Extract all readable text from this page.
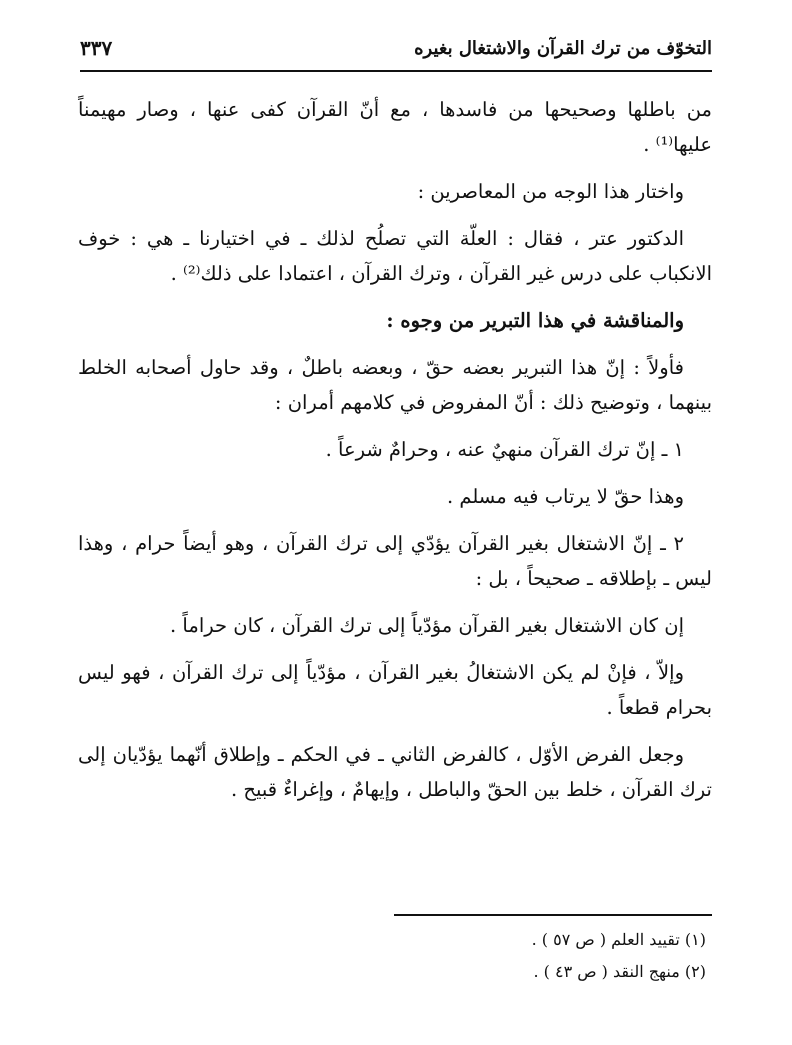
التخوّف من ترك القرآن والاشتغال بغيره
٣٣٧

من باطلها وصحيحها من فاسدها ، مع أنّ القرآن كفى عنها ، وصار مهيمناً عليها⁽¹⁾ .

واختار هذا الوجه من المعاصرين :

الدكتور عتر ، فقال : العلّة التي تصلُح لذلك ـ في اختيارنا ـ هي : خوف الانكباب على درس غير القرآن ، وترك القرآن ، اعتمادا على ذلك⁽²⁾ .

والمناقشة في هذا التبرير من وجوه :

فأولاً : إنّ هذا التبرير بعضه حقّ ، وبعضه باطلٌ ، وقد حاول أصحابه الخلط بينهما ، وتوضيح ذلك : أنّ المفروض في كلامهم أمران :

١ ـ إنّ ترك القرآن منهيٌ عنه ، وحرامٌ شرعاً .

وهذا حقّ لا يرتاب فيه مسلم .

٢ ـ إنّ الاشتغال بغير القرآن يؤدّي إلى ترك القرآن ، وهو أيضاً حرام ، وهذا ليس ـ بإطلاقه ـ صحيحاً ، بل :

إن كان الاشتغال بغير القرآن مؤدّياً إلى ترك القرآن ، كان حراماً .

وإلاّ ، فإنْ لم يكن الاشتغالُ بغير القرآن ، مؤدّياً إلى ترك القرآن ، فهو ليس بحرام قطعاً .

وجعل الفرض الأوّل ، كالفرض الثاني ـ في الحكم ـ وإطلاق أنّهما يؤدّيان إلى ترك القرآن ، خلط بين الحقّ والباطل ، وإيهامٌ ، وإغراءٌ قبيح .

(١) تقييد العلم ( ص ٥٧ ) .

(٢) منهج النقد ( ص ٤٣ ) .
